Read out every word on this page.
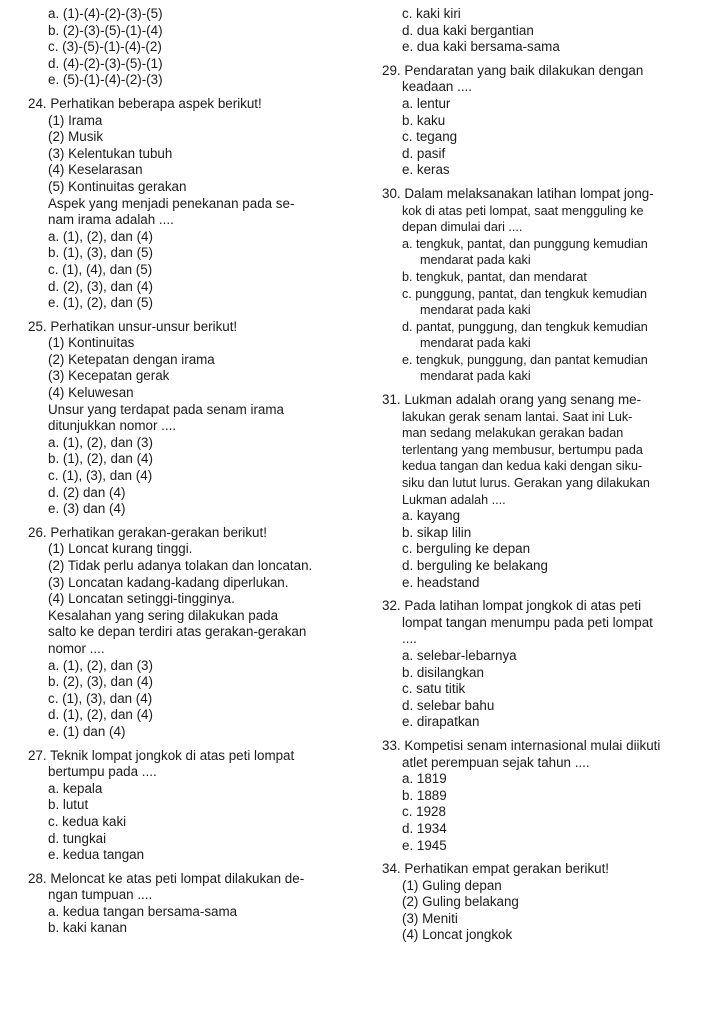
a. (1)-(4)-(2)-(3)-(5)
b. (2)-(3)-(5)-(1)-(4)
c. (3)-(5)-(1)-(4)-(2)
d. (4)-(2)-(3)-(5)-(1)
e. (5)-(1)-(4)-(2)-(3)
24. Perhatikan beberapa aspek berikut!
(1) Irama
(2) Musik
(3) Kelentukan tubuh
(4) Keselarasan
(5) Kontinuitas gerakan
Aspek yang menjadi penekanan pada se-
nam irama adalah ....
a. (1), (2), dan (4)
b. (1), (3), dan (5)
c. (1), (4), dan (5)
d. (2), (3), dan (4)
e. (1), (2), dan (5)
25. Perhatikan unsur-unsur berikut!
(1) Kontinuitas
(2) Ketepatan dengan irama
(3) Kecepatan gerak
(4) Keluwesan
Unsur yang terdapat pada senam irama
ditunjukkan nomor ....
a. (1), (2), dan (3)
b. (1), (2), dan (4)
c. (1), (3), dan (4)
d. (2) dan (4)
e. (3) dan (4)
26. Perhatikan gerakan-gerakan berikut!
(1) Loncat kurang tinggi.
(2) Tidak perlu adanya tolakan dan loncatan.
(3) Loncatan kadang-kadang diperlukan.
(4) Loncatan setinggi-tingginya.
Kesalahan yang sering dilakukan pada
salto ke depan terdiri atas gerakan-gerakan
nomor ....
a. (1), (2), dan (3)
b. (2), (3), dan (4)
c. (1), (3), dan (4)
d. (1), (2), dan (4)
e. (1) dan (4)
27. Teknik lompat jongkok di atas peti lompat
bertumpu pada ....
a. kepala
b. lutut
c. kedua kaki
d. tungkai
e. kedua tangan
28. Meloncat ke atas peti lompat dilakukan de-
ngan tumpuan ....
a. kedua tangan bersama-sama
b. kaki kanan
c. kaki kiri
d. dua kaki bergantian
e. dua kaki bersama-sama
29. Pendaratan yang baik dilakukan dengan
keadaan ....
a. lentur
b. kaku
c. tegang
d. pasif
e. keras
30. Dalam melaksanakan latihan lompat jong-
kok di atas peti lompat, saat mengguling ke
depan dimulai dari ....
a. tengkuk, pantat, dan punggung kemudian
mendarat pada kaki
b. tengkuk, pantat, dan mendarat
c. punggung, pantat, dan tengkuk kemudian
mendarat pada kaki
d. pantat, punggung, dan tengkuk kemudian
mendarat pada kaki
e. tengkuk, punggung, dan pantat kemudian
mendarat pada kaki
31. Lukman adalah orang yang senang me-
lakukan gerak senam lantai. Saat ini Luk-
man sedang melakukan gerakan badan
terlentang yang membusur, bertumpu pada
kedua tangan dan kedua kaki dengan siku-
siku dan lutut lurus. Gerakan yang dilakukan
Lukman adalah ....
a. kayang
b. sikap lilin
c. berguling ke depan
d. berguling ke belakang
e. headstand
32. Pada latihan lompat jongkok di atas peti
lompat tangan menumpu pada peti lompat
....
a. selebar-lebarnya
b. disilangkan
c. satu titik
d. selebar bahu
e. dirapatkan
33. Kompetisi senam internasional mulai diikuti
atlet perempuan sejak tahun ....
a. 1819
b. 1889
c. 1928
d. 1934
e. 1945
34. Perhatikan empat gerakan berikut!
(1) Guling depan
(2) Guling belakang
(3) Meniti
(4) Loncat jongkok
